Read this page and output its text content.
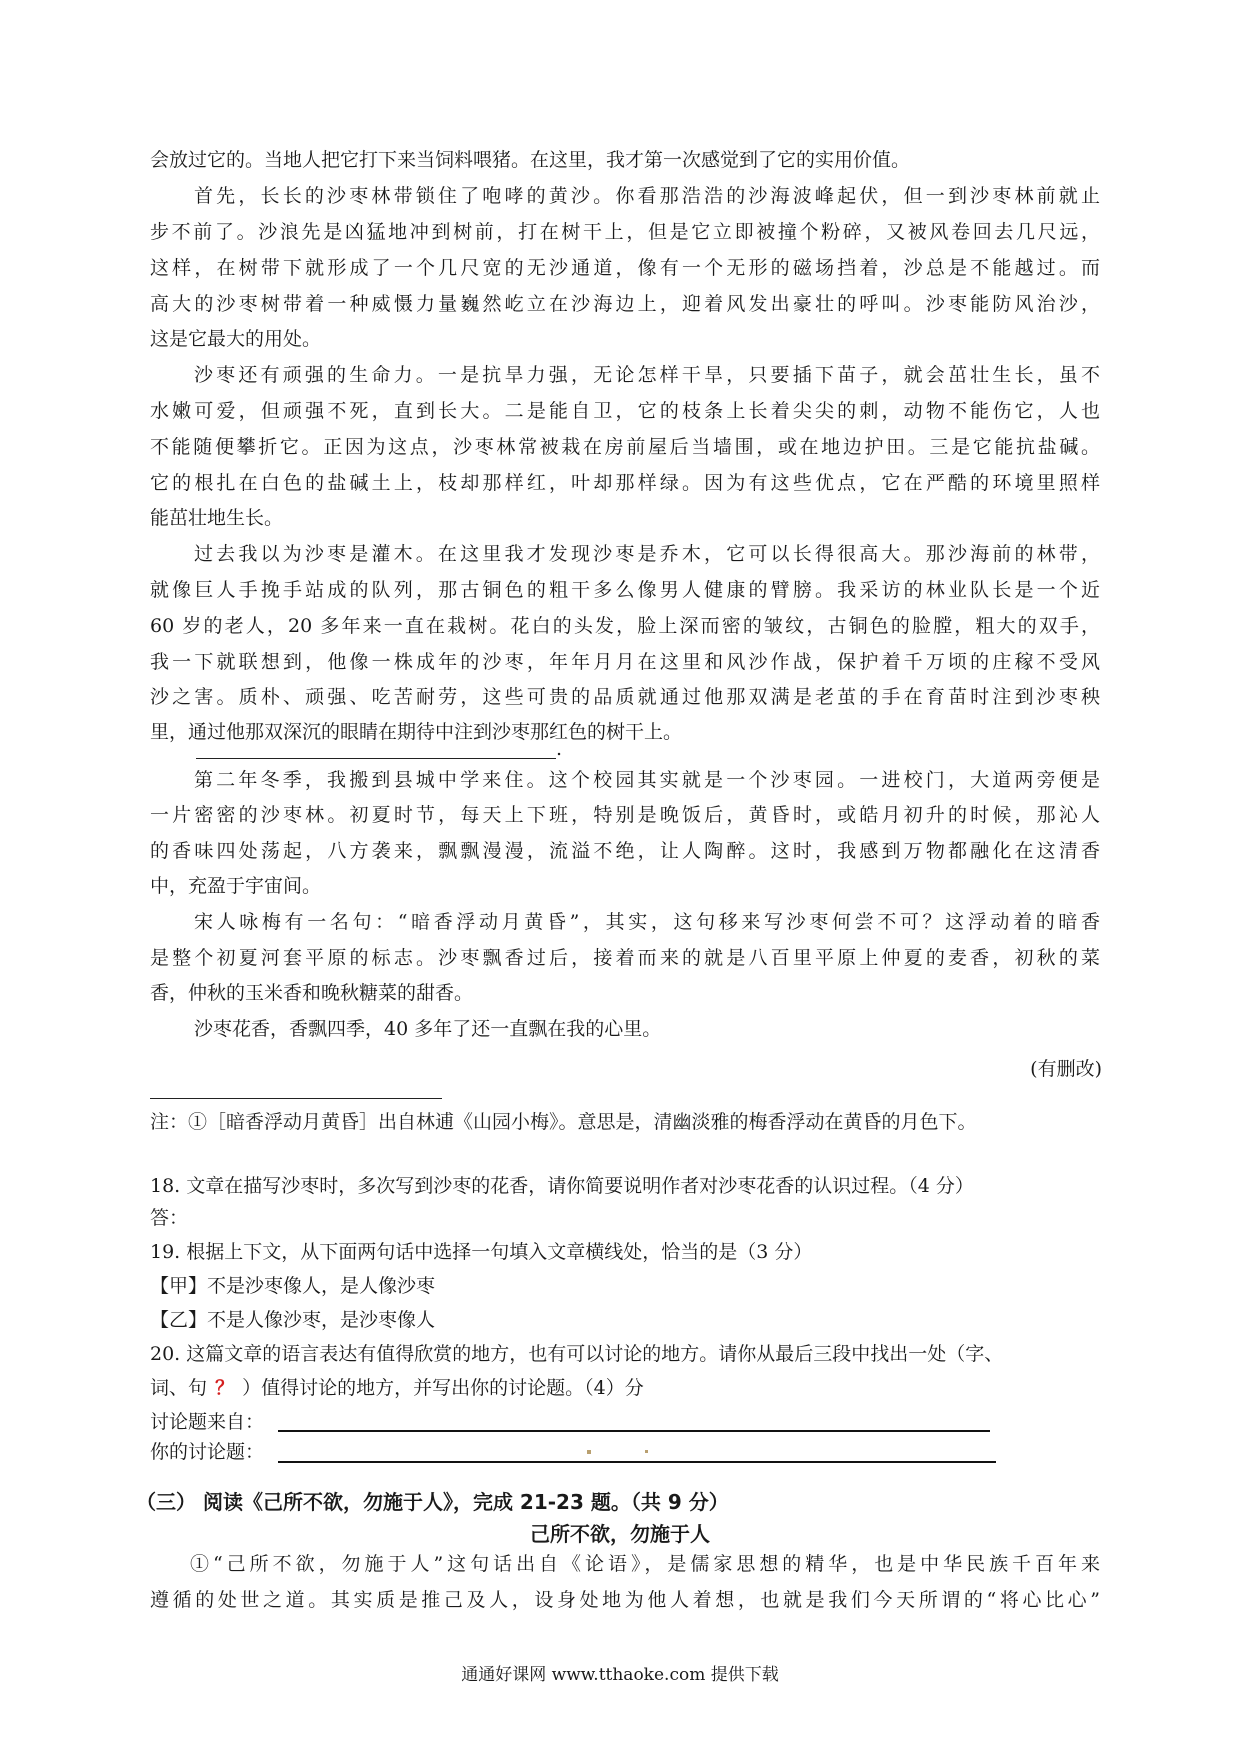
会放过它的。当地人把它打下来当饲料喂猪。在这里，我才第一次感觉到了它的实用价值。
首先，长长的沙枣林带锁住了咆哮的黄沙。你看那浩浩的沙海波峰起伏，但一到沙枣林前就止
步不前了。沙浪先是凶猛地冲到树前，打在树干上，但是它立即被撞个粉碎，又被风卷回去几尺远，
这样，在树带下就形成了一个几尺宽的无沙通道，像有一个无形的磁场挡着，沙总是不能越过。而
高大的沙枣树带着一种威慑力量巍然屹立在沙海边上，迎着风发出豪壮的呼叫。沙枣能防风治沙，
这是它最大的用处。
沙枣还有顽强的生命力。一是抗旱力强，无论怎样干旱，只要插下苗子，就会茁壮生长，虽不
水嫩可爱，但顽强不死，直到长大。二是能自卫，它的枝条上长着尖尖的刺，动物不能伤它，人也
不能随便攀折它。正因为这点，沙枣林常被栽在房前屋后当墙围，或在地边护田。三是它能抗盐碱。
它的根扎在白色的盐碱土上，枝却那样红，叶却那样绿。因为有这些优点，它在严酷的环境里照样
能茁壮地生长。
过去我以为沙枣是灌木。在这里我才发现沙枣是乔木，它可以长得很高大。那沙海前的林带，
就像巨人手挽手站成的队列，那古铜色的粗干多么像男人健康的臂膀。我采访的林业队长是一个近
60 岁的老人，20 多年来一直在栽树。花白的头发，脸上深而密的皱纹，古铜色的脸膛，粗大的双手，
我一下就联想到，他像一株成年的沙枣，年年月月在这里和风沙作战，保护着千万顷的庄稼不受风
沙之害。质朴、顽强、吃苦耐劳，这些可贵的品质就通过他那双满是老茧的手在育苗时注到沙枣秧
里，通过他那双深沉的眼睛在期待中注到沙枣那红色的树干上。
.
第二年冬季，我搬到县城中学来住。这个校园其实就是一个沙枣园。一进校门，大道两旁便是
一片密密的沙枣林。初夏时节，每天上下班，特别是晚饭后，黄昏时，或皓月初升的时候，那沁人
的香味四处荡起，八方袭来，飘飘漫漫，流溢不绝，让人陶醉。这时，我感到万物都融化在这清香
中，充盈于宇宙间。
宋人咏梅有一名句：“暗香浮动月黄昏”，其实，这句移来写沙枣何尝不可？这浮动着的暗香
是整个初夏河套平原的标志。沙枣飘香过后，接着而来的就是八百里平原上仲夏的麦香，初秋的菜
香，仲秋的玉米香和晚秋糖菜的甜香。
沙枣花香，香飘四季，40 多年了还一直飘在我的心里。
(有删改)
注：①［暗香浮动月黄昏］出自林逋《山园小梅》。意思是，清幽淡雅的梅香浮动在黄昏的月色下。
18. 文章在描写沙枣时，多次写到沙枣的花香，请你简要说明作者对沙枣花香的认识过程。（4 分）
答：
19. 根据上下文，从下面两句话中选择一句填入文章横线处，恰当的是（3 分）
【甲】不是沙枣像人，是人像沙枣
【乙】不是人像沙枣，是沙枣像人
20. 这篇文章的语言表达有值得欣赏的地方，也有可以讨论的地方。请你从最后三段中找出一处（字、
词、句 ？ ）值得讨论的地方，并写出你的讨论题。（4）分
讨论题来自：
你的讨论题：
（三） 阅读《己所不欲，勿施于人》，完成 21-23 题。（共 9 分）
己所不欲，勿施于人
①“己所不欲，勿施于人”这句话出自《论语》，是儒家思想的精华，也是中华民族千百年来
遵循的处世之道。其实质是推己及人，设身处地为他人着想，也就是我们今天所谓的“将心比心”
通通好课网 www.tthaoke.com 提供下载
